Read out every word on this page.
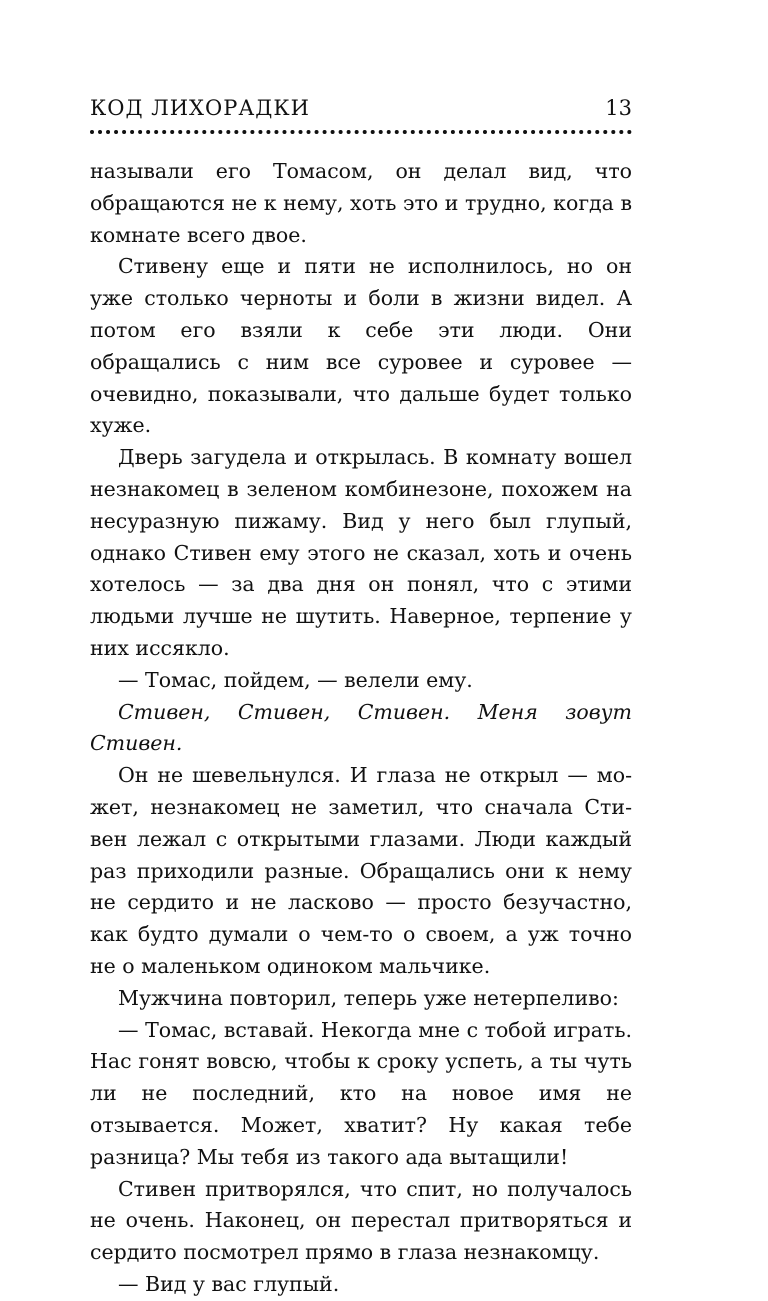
КОД ЛИХОРАДКИ	13

называли его Томасом, он делал вид, что обращаются не к нему, хоть это и трудно, когда в комнате всего двое.

Стивену еще и пяти не исполнилось, но он уже столько черноты и боли в жизни видел. А потом его взяли к себе эти люди. Они обращались с ним все суровее и суровее — очевидно, показывали, что дальше будет только хуже.

Дверь загудела и открылась. В комнату вошел незнакомец в зеленом комбинезоне, похожем на несуразную пижаму. Вид у него был глупый, однако Стивен ему этого не сказал, хоть и очень хотелось — за два дня он понял, что с этими людьми лучше не шутить. Наверное, терпение у них иссякло.

— Томас, пойдем, — велели ему.

Стивен, Стивен, Стивен. Меня зовут Стивен.

Он не шевельнулся. И глаза не открыл — может, незнакомец не заметил, что сначала Стивен лежал с открытыми глазами. Люди каждый раз приходили разные. Обращались они к нему не сердито и не ласково — просто безучастно, как будто думали о чем-то о своем, а уж точно не о маленьком одиноком мальчике.

Мужчина повторил, теперь уже нетерпеливо:

— Томас, вставай. Некогда мне с тобой играть. Нас гонят вовсю, чтобы к сроку успеть, а ты чуть ли не последний, кто на новое имя не отзывается. Может, хватит? Ну какая тебе разница? Мы тебя из такого ада вытащили!

Стивен притворялся, что спит, но получалось не очень. Наконец, он перестал притворяться и сердито посмотрел прямо в глаза незнакомцу.

— Вид у вас глупый.
